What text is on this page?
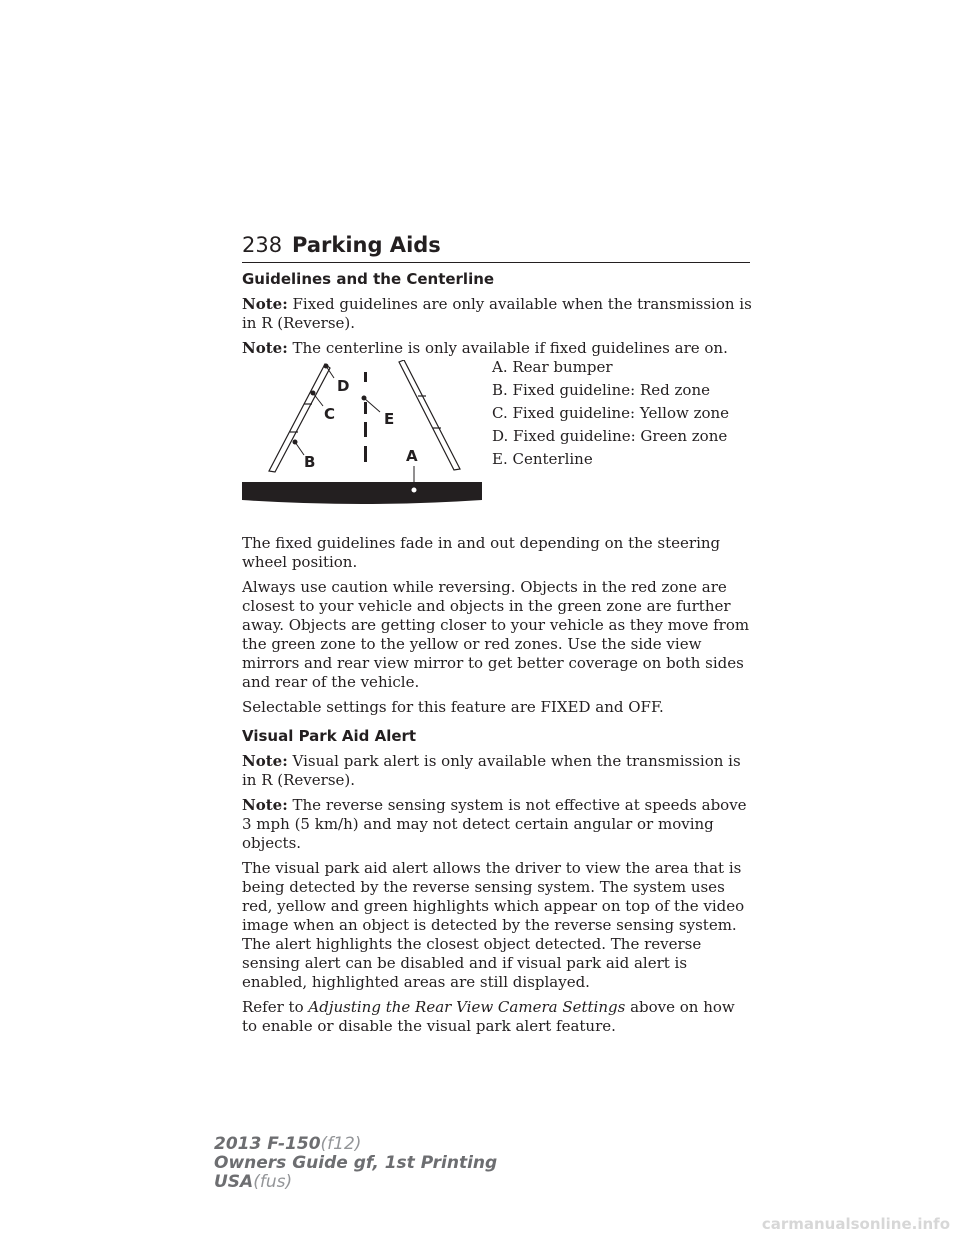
238 Parking Aids
Guidelines and the Centerline

Note: Fixed guidelines are only available when the transmission is in R (Reverse).

Note: The centerline is only available if fixed guidelines are on.

D
C
B
E
A
A. Rear bumper
B. Fixed guideline: Red zone
C. Fixed guideline: Yellow zone
D. Fixed guideline: Green zone
E. Centerline

The fixed guidelines fade in and out depending on the steering wheel position.

Always use caution while reversing. Objects in the red zone are closest to your vehicle and objects in the green zone are further away. Objects are getting closer to your vehicle as they move from the green zone to the yellow or red zones. Use the side view mirrors and rear view mirror to get better coverage on both sides and rear of the vehicle.

Selectable settings for this feature are FIXED and OFF.

Visual Park Aid Alert

Note: Visual park alert is only available when the transmission is in R (Reverse).

Note: The reverse sensing system is not effective at speeds above 3 mph (5 km/h) and may not detect certain angular or moving objects.

The visual park aid alert allows the driver to view the area that is being detected by the reverse sensing system. The system uses red, yellow and green highlights which appear on top of the video image when an object is detected by the reverse sensing system. The alert highlights the closest object detected. The reverse sensing alert can be disabled and if visual park aid alert is enabled, highlighted areas are still displayed.

Refer to Adjusting the Rear View Camera Settings above on how to enable or disable the visual park alert feature.

2013 F-150(f12)
Owners Guide gf, 1st Printing
USA(fus)
carmanualsonline.info
